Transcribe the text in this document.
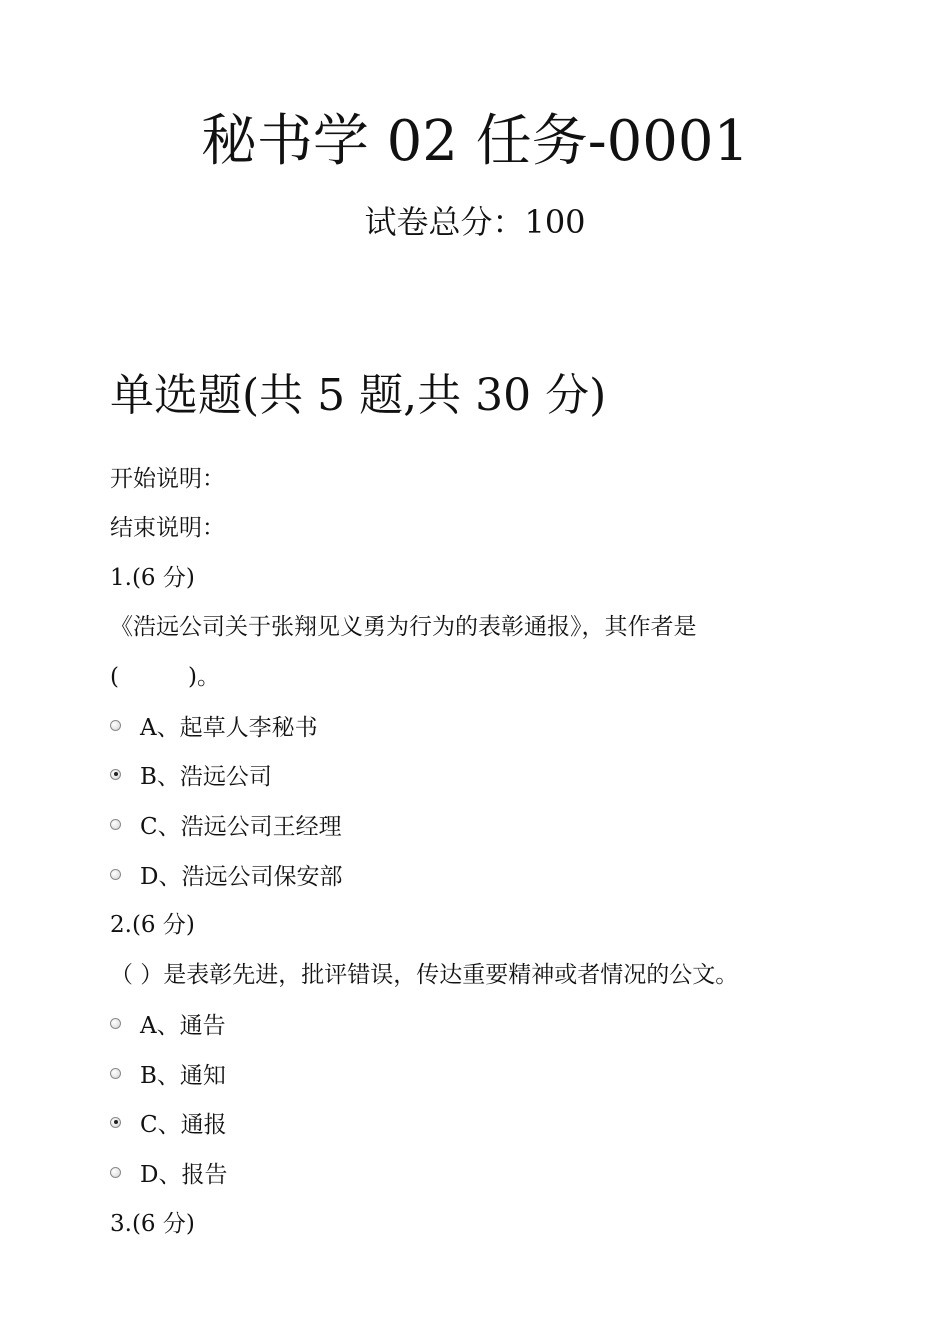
秘书学 02 任务-0001
试卷总分：100
单选题(共 5 题,共 30 分)
开始说明：
结束说明：
1.(6 分)
《浩远公司关于张翔见义勇为行为的表彰通报》，其作者是
(　　　)。
A、起草人李秘书
B、浩远公司
C、浩远公司王经理
D、浩远公司保安部
2.(6 分)
（ ）是表彰先进，批评错误，传达重要精神或者情况的公文。
A、通告
B、通知
C、通报
D、报告
3.(6 分)
